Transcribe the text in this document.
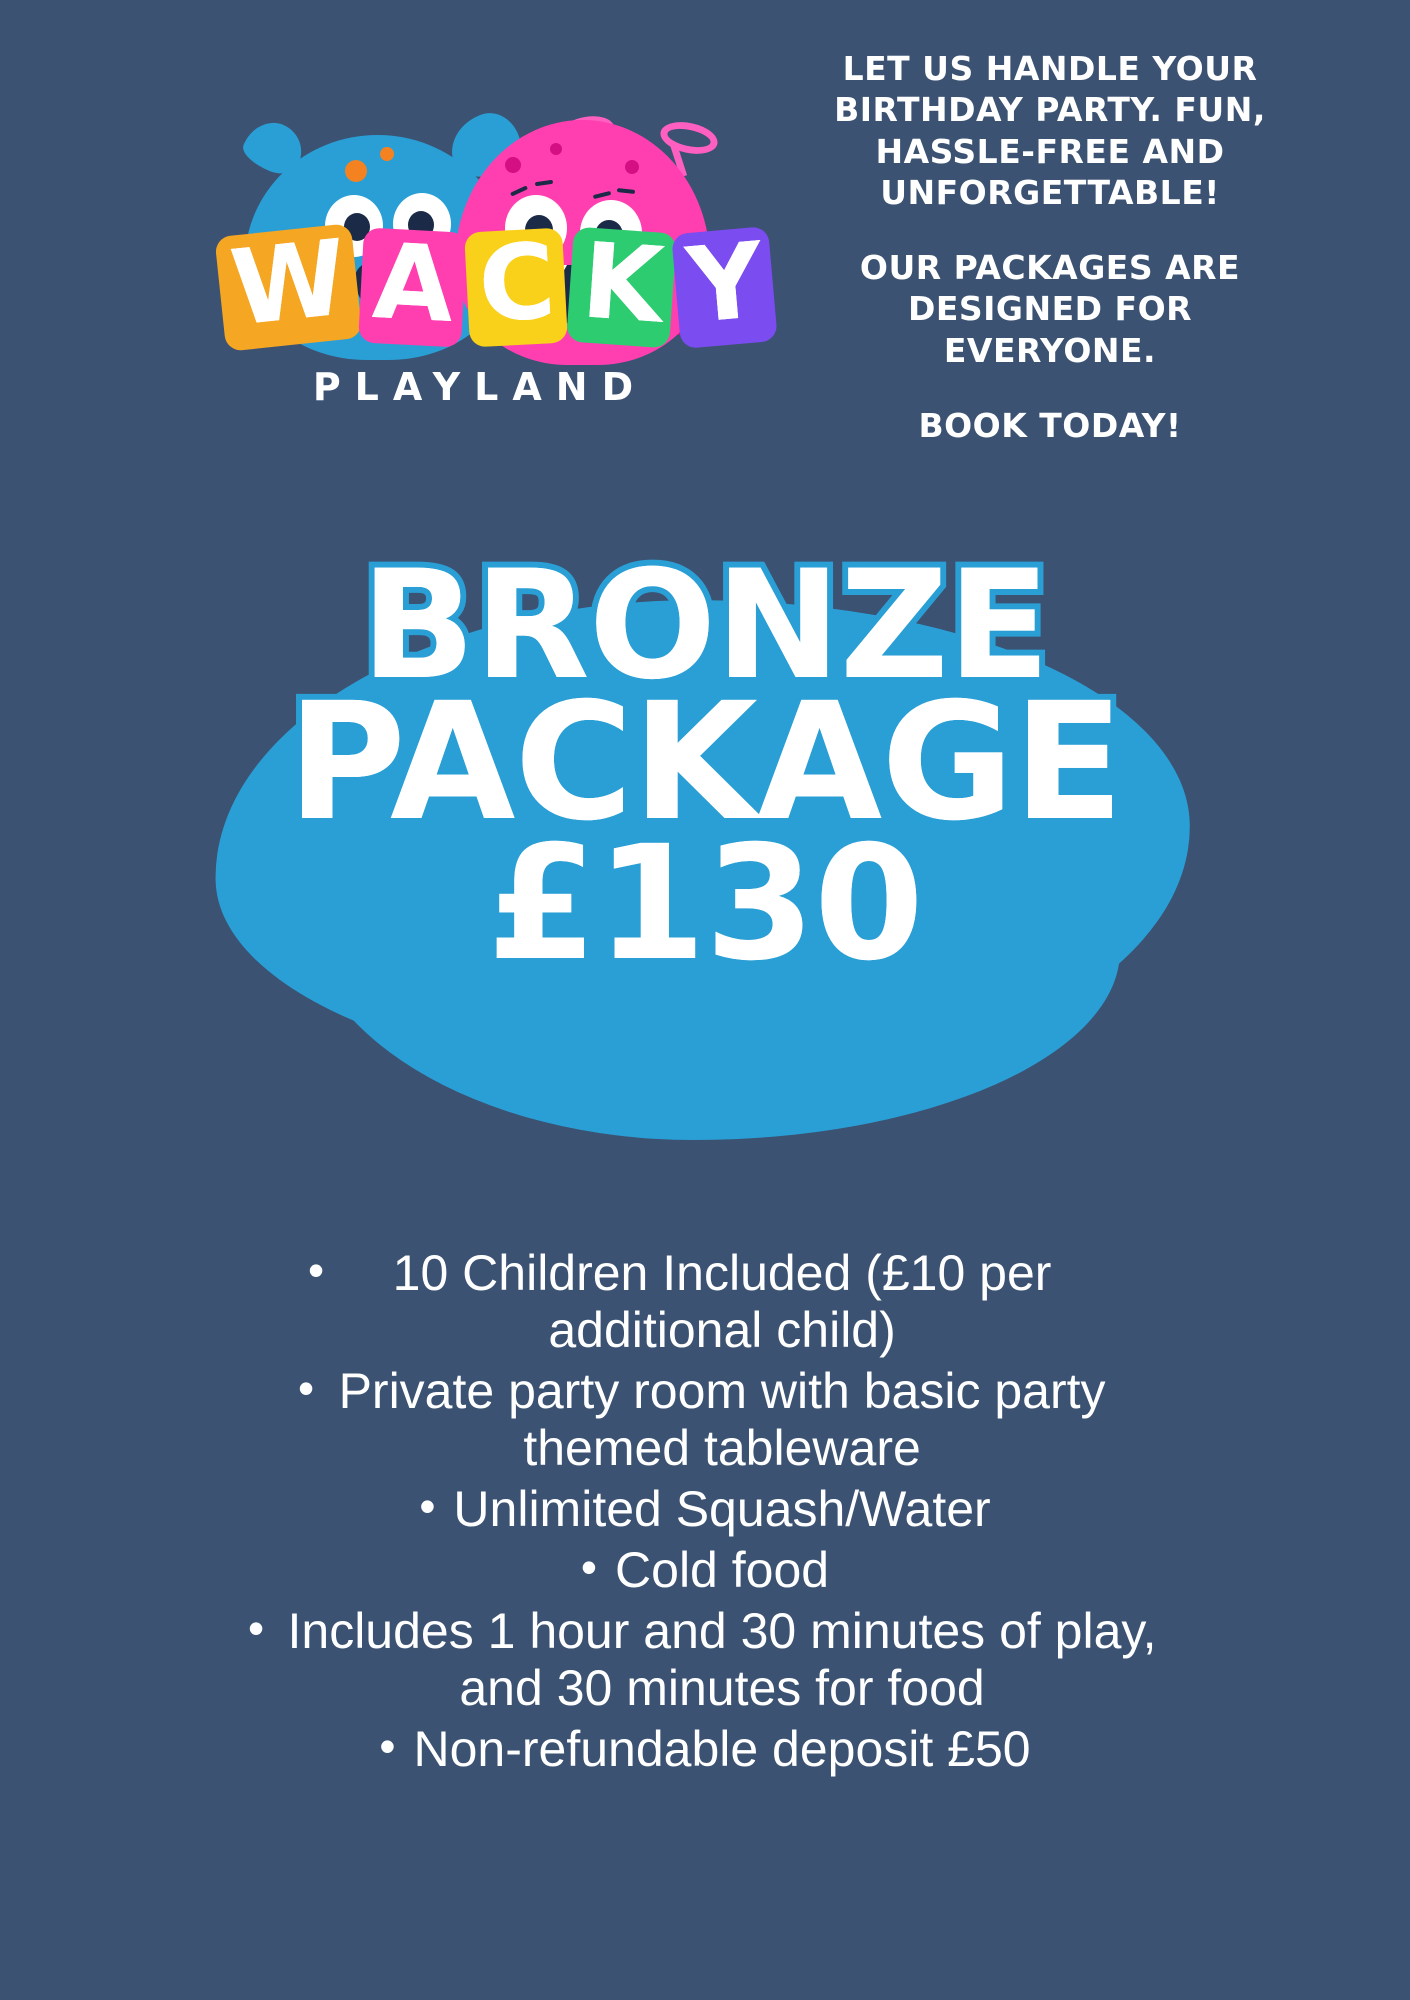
W A C K Y
PLAYLAND

LET US HANDLE YOUR BIRTHDAY PARTY. FUN, HASSLE-FREE AND UNFORGETTABLE!

OUR PACKAGES ARE DESIGNED FOR EVERYONE.

BOOK TODAY!

BRONZE
PACKAGE
£130
•	10 Children Included (£10 per additional child)
• Private party room with basic party themed tableware
• Unlimited Squash/Water
• Cold food
• Includes 1 hour and 30 minutes of play, and 30 minutes for food
• Non-refundable deposit £50
